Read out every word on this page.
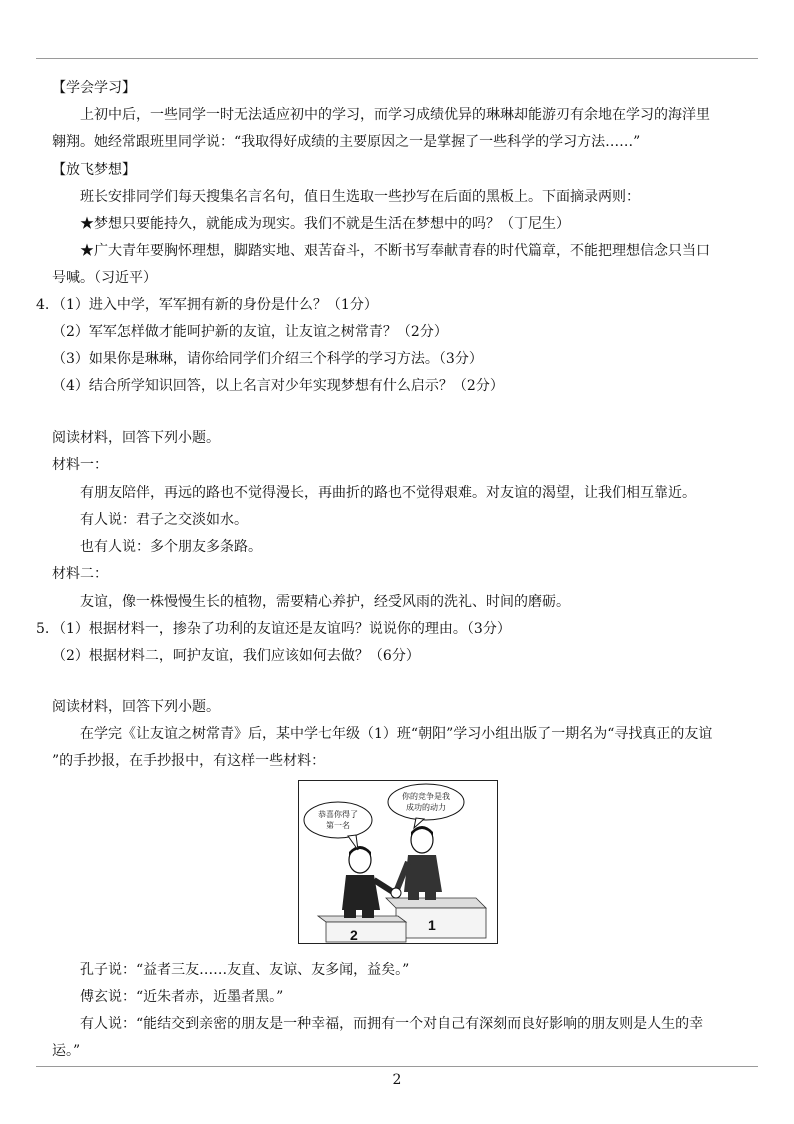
【学会学习】
上初中后，一些同学一时无法适应初中的学习，而学习成绩优异的琳琳却能游刃有余地在学习的海洋里
翱翔。她经常跟班里同学说：“我取得好成绩的主要原因之一是掌握了一些科学的学习方法……”
【放飞梦想】
班长安排同学们每天搜集名言名句，值日生选取一些抄写在后面的黑板上。下面摘录两则：
★梦想只要能持久，就能成为现实。我们不就是生活在梦想中的吗？（丁尼生）
★广大青年要胸怀理想，脚踏实地、艰苦奋斗，不断书写奉献青春的时代篇章，不能把理想信念只当口
号喊。（习近平）
4. （1）进入中学，军军拥有新的身份是什么？（1分）
（2）军军怎样做才能呵护新的友谊，让友谊之树常青？（2分）
（3）如果你是琳琳，请你给同学们介绍三个科学的学习方法。（3分）
（4）结合所学知识回答，以上名言对少年实现梦想有什么启示？（2分）
阅读材料，回答下列小题。
材料一：
有朋友陪伴，再远的路也不觉得漫长，再曲折的路也不觉得艰难。对友谊的渴望，让我们相互靠近。
有人说：君子之交淡如水。
也有人说：多个朋友多条路。
材料二：
友谊，像一株慢慢生长的植物，需要精心养护，经受风雨的洗礼、时间的磨砺。
5. （1）根据材料一，掺杂了功利的友谊还是友谊吗？说说你的理由。（3分）
（2）根据材料二，呵护友谊，我们应该如何去做？（6分）
阅读材料，回答下列小题。
在学完《让友谊之树常青》后，某中学七年级（1）班“朝阳”学习小组出版了一期名为“寻找真正的友谊
”的手抄报，在手抄报中，有这样一些材料：
1
2
恭喜你得了
第一名
你的竞争是我
成功的动力
孔子说：“益者三友……友直、友谅、友多闻，益矣。”
傅玄说：“近朱者赤，近墨者黑。”
有人说：“能结交到亲密的朋友是一种幸福，而拥有一个对自己有深刻而良好影响的朋友则是人生的幸
运。”
2
